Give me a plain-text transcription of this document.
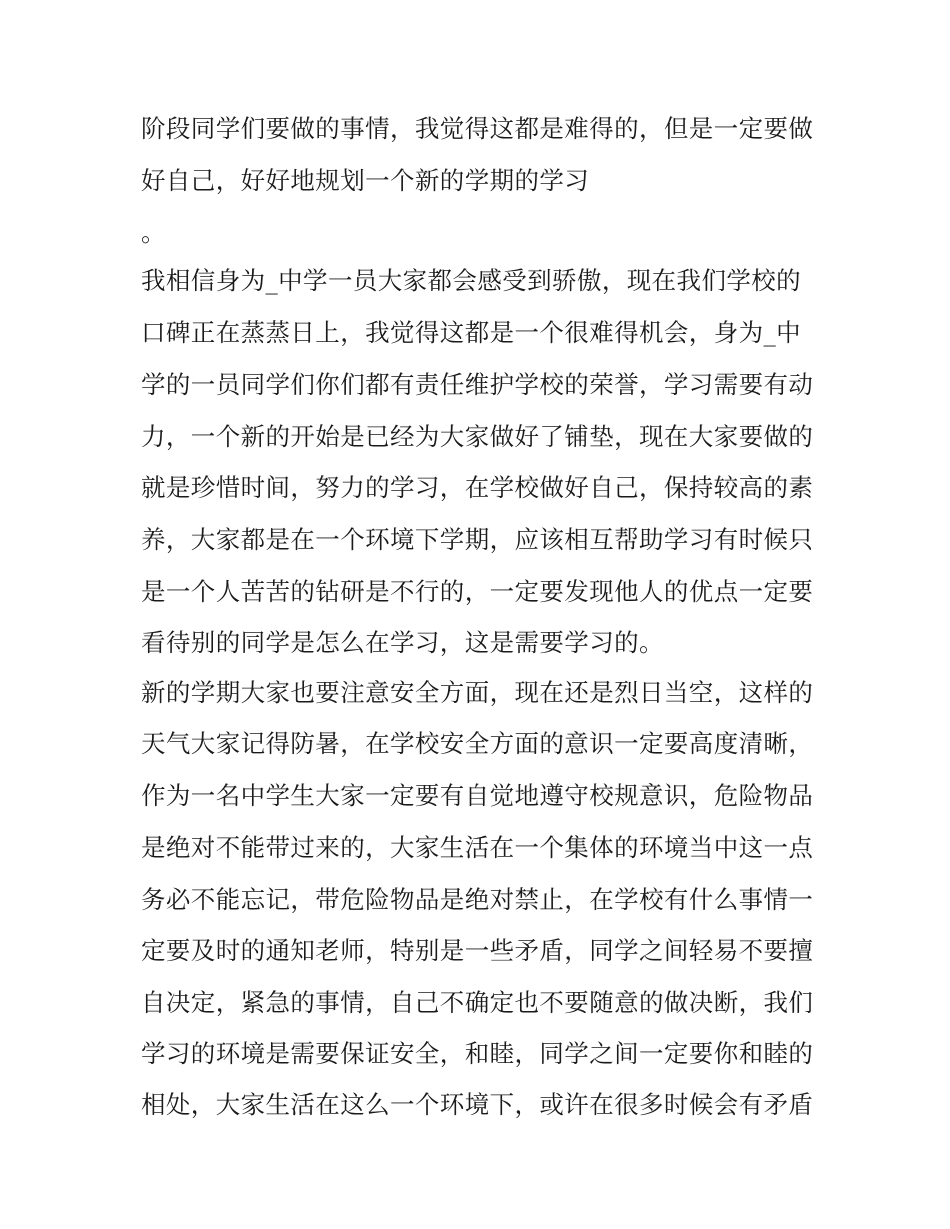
阶段同学们要做的事情，我觉得这都是难得的，但是一定要做
好自己，好好地规划一个新的学期的学习
。
我相信身为_中学一员大家都会感受到骄傲，现在我们学校的
口碑正在蒸蒸日上，我觉得这都是一个很难得机会，身为_中
学的一员同学们你们都有责任维护学校的荣誉，学习需要有动
力，一个新的开始是已经为大家做好了铺垫，现在大家要做的
就是珍惜时间，努力的学习，在学校做好自己，保持较高的素
养，大家都是在一个环境下学期，应该相互帮助学习有时候只
是一个人苦苦的钻研是不行的，一定要发现他人的优点一定要
看待别的同学是怎么在学习，这是需要学习的。
新的学期大家也要注意安全方面，现在还是烈日当空，这样的
天气大家记得防暑，在学校安全方面的意识一定要高度清晰，
作为一名中学生大家一定要有自觉地遵守校规意识，危险物品
是绝对不能带过来的，大家生活在一个集体的环境当中这一点
务必不能忘记，带危险物品是绝对禁止，在学校有什么事情一
定要及时的通知老师，特别是一些矛盾，同学之间轻易不要擅
自决定，紧急的事情，自己不确定也不要随意的做决断，我们
学习的环境是需要保证安全，和睦，同学之间一定要你和睦的
相处，大家生活在这么一个环境下，或许在很多时候会有矛盾
